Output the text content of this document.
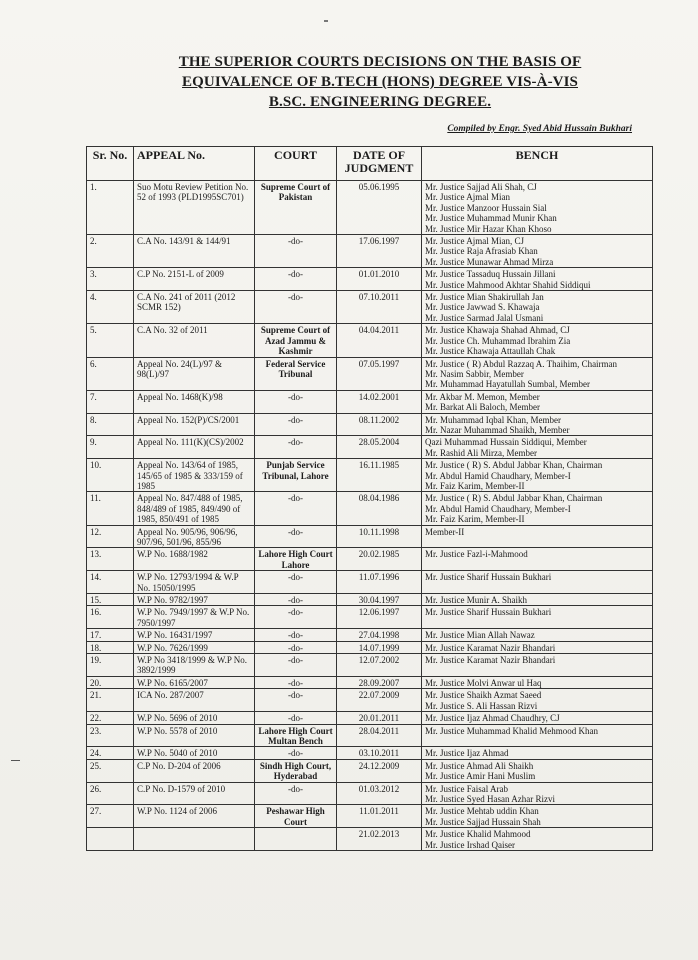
THE SUPERIOR COURTS DECISIONS ON THE BASIS OF
EQUIVALENCE OF B.TECH (HONS) DEGREE VIS-À-VIS
B.SC. ENGINEERING DEGREE.
Compiled by Engr. Syed Abid Hussain Bukhari
Sr. No.	APPEAL No.	COURT	DATE OF JUDGMENT	BENCH
1.	Suo Motu Review Petition No. 52 of 1993 (PLD1995SC701)	Supreme Court of Pakistan	05.06.1995	Mr. Justice Sajjad Ali Shah, CJ
Mr. Justice Ajmal Mian
Mr. Justice Manzoor Hussain Sial
Mr. Justice Muhammad Munir Khan
Mr. Justice Mir Hazar Khan Khoso

2.	C.A No. 143/91 & 144/91	-do-	17.06.1997	Mr. Justice Ajmal Mian, CJ
Mr. Justice Raja Afrasiab Khan
Mr. Justice Munawar Ahmad Mirza

3.	C.P No. 2151-L of 2009	-do-	01.01.2010	Mr. Justice Tassaduq Hussain Jillani
Mr. Justice Mahmood Akhtar Shahid Siddiqui

4.	C.A No. 241 of 2011 (2012 SCMR 152)	-do-	07.10.2011	Mr. Justice Mian Shakirullah Jan
Mr. Justice Jawwad S. Khawaja
Mr. Justice Sarmad Jalal Usmani

5.	C.A No. 32 of 2011	Supreme Court of Azad Jammu & Kashmir	04.04.2011	Mr. Justice Khawaja Shahad Ahmad, CJ
Mr. Justice Ch. Muhammad Ibrahim Zia
Mr. Justice Khawaja Attaullah Chak

6.	Appeal No. 24(L)/97 & 98(L)/97	Federal Service Tribunal	07.05.1997	Mr. Justice ( R) Abdul Razzaq A. Thaihim, Chairman
Mr. Nasim Sabbir, Member
Mr. Muhammad Hayatullah Sumbal, Member

7.	Appeal No. 1468(K)/98	-do-	14.02.2001	Mr. Akbar M. Memon, Member
Mr. Barkat Ali Baloch, Member

8.	Appeal No. 152(P)/CS/2001	-do-	08.11.2002	Mr. Muhammad Iqbal Khan, Member
Mr. Nazar Muhammad Shaikh, Member

9.	Appeal No. 111(K)(CS)/2002	-do-	28.05.2004	Qazi Muhammad Hussain Siddiqui, Member
Mr. Rashid Ali Mirza, Member

10.	Appeal No. 143/64 of 1985, 145/65 of 1985 & 333/159 of 1985	Punjab Service Tribunal, Lahore	16.11.1985	Mr. Justice ( R) S. Abdul Jabbar Khan, Chairman
Mr. Abdul Hamid Chaudhary, Member-I
Mr. Faiz Karim, Member-II

11.	Appeal No. 847/488 of 1985, 848/489 of 1985, 849/490 of 1985, 850/491 of 1985	-do-	08.04.1986	Mr. Justice ( R) S. Abdul Jabbar Khan, Chairman
Mr. Abdul Hamid Chaudhary, Member-I
Mr. Faiz Karim, Member-II

12.	Appeal No. 905/96, 906/96, 907/96, 501/96, 855/96	-do-	10.11.1998	Member-II

13.	W.P No. 1688/1982	Lahore High Court Lahore	20.02.1985	Mr. Justice Fazl-i-Mahmood

14.	W.P No. 12793/1994 & W.P No. 15050/1995	-do-	11.07.1996	Mr. Justice Sharif Hussain Bukhari

15.	W.P No. 9782/1997	-do-	30.04.1997	Mr. Justice Munir A. Shaikh

16.	W.P No. 7949/1997 & W.P No. 7950/1997	-do-	12.06.1997	Mr. Justice Sharif Hussain Bukhari

17.	W.P No. 16431/1997	-do-	27.04.1998	Mr. Justice Mian Allah Nawaz

18.	W.P No. 7626/1999	-do-	14.07.1999	Mr. Justice Karamat Nazir Bhandari

19.	W.P No 3418/1999 & W.P No. 3892/1999	-do-	12.07.2002	Mr. Justice Karamat Nazir Bhandari

20.	W.P No. 6165/2007	-do-	28.09.2007	Mr. Justice Molvi Anwar ul Haq

21.	ICA No. 287/2007	-do-	22.07.2009	Mr. Justice Shaikh Azmat Saeed
Mr. Justice S. Ali Hassan Rizvi

22.	W.P No. 5696 of 2010	-do-	20.01.2011	Mr. Justice Ijaz Ahmad Chaudhry, CJ

23.	W.P No. 5578 of 2010	Lahore High Court Multan Bench	28.04.2011	Mr. Justice Muhammad Khalid Mehmood Khan

24.	W.P No. 5040 of 2010	-do-	03.10.2011	Mr. Justice Ijaz Ahmad

25.	C.P No. D-204 of 2006	Sindh High Court, Hyderabad	24.12.2009	Mr. Justice Ahmad Ali Shaikh
Mr. Justice Amir Hani Muslim

26.	C.P No. D-1579 of 2010	-do-	01.03.2012	Mr. Justice Faisal Arab
Mr. Justice Syed Hasan Azhar Rizvi

27.	W.P No. 1124 of 2006	Peshawar High Court	11.01.2011	Mr. Justice Mehtab uddin Khan
Mr. Justice Sajjad Hussain Shah

			21.02.2013	Mr. Justice Khalid Mahmood
Mr. Justice Irshad Qaiser
